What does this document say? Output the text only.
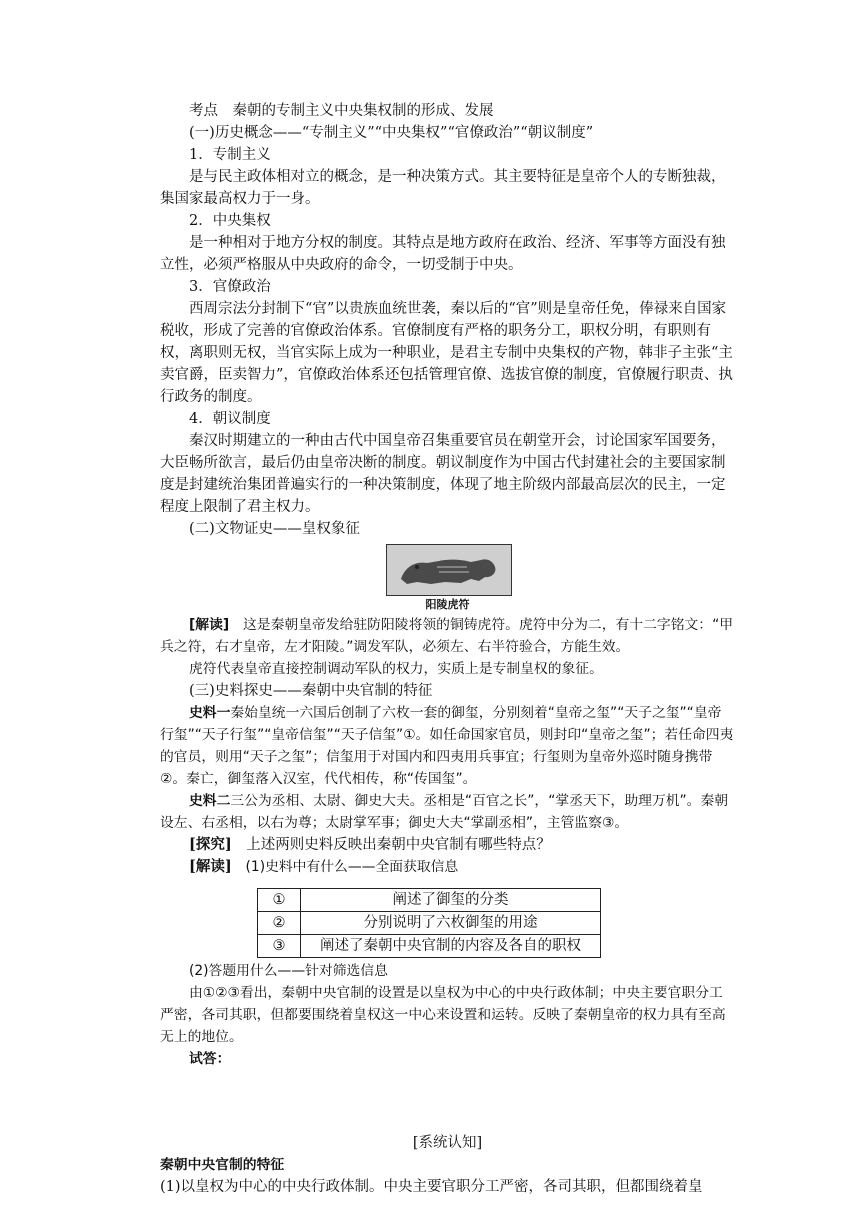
考点　秦朝的专制主义中央集权制的形成、发展

(一)历史概念——“专制主义”“中央集权”“官僚政治”“朝议制度”

1．专制主义

是与民主政体相对立的概念，是一种决策方式。其主要特征是皇帝个人的专断独裁，集国家最高权力于一身。

2．中央集权

是一种相对于地方分权的制度。其特点是地方政府在政治、经济、军事等方面没有独立性，必须严格服从中央政府的命令，一切受制于中央。

3．官僚政治

西周宗法分封制下“官”以贵族血统世袭，秦以后的“官”则是皇帝任免，俸禄来自国家税收，形成了完善的官僚政治体系。官僚制度有严格的职务分工，职权分明，有职则有权，离职则无权，当官实际上成为一种职业，是君主专制中央集权的产物，韩非子主张“主卖官爵，臣卖智力”，官僚政治体系还包括管理官僚、选拔官僚的制度，官僚履行职责、执行政务的制度。

4．朝议制度

秦汉时期建立的一种由古代中国皇帝召集重要官员在朝堂开会，讨论国家军国要务，大臣畅所欲言，最后仍由皇帝决断的制度。朝议制度作为中国古代封建社会的主要国家制度是封建统治集团普遍实行的一种决策制度，体现了地主阶级内部最高层次的民主，一定程度上限制了君主权力。

(二)文物证史——皇权象征

阳陵虎符

[解读]　这是秦朝皇帝发给驻防阳陵将领的铜铸虎符。虎符中分为二，有十二字铭文：“甲兵之符，右才皇帝，左才阳陵。”调发军队，必须左、右半符验合，方能生效。

虎符代表皇帝直接控制调动军队的权力，实质上是专制皇权的象征。

(三)史料探史——秦朝中央官制的特征

史料一秦始皇统一六国后创制了六枚一套的御玺，分别刻着“皇帝之玺”“天子之玺”“皇帝行玺”“天子行玺”“皇帝信玺”“天子信玺”①。如任命国家官员，则封印“皇帝之玺”；若任命四夷的官员，则用“天子之玺”；信玺用于对国内和四夷用兵事宜；行玺则为皇帝外巡时随身携带②。秦亡，御玺落入汉室，代代相传，称“传国玺”。

史料二三公为丞相、太尉、御史大夫。丞相是“百官之长”，“掌丞天下，助理万机”。秦朝设左、右丞相，以右为尊；太尉掌军事；御史大夫“掌副丞相”，主管监察③。

[探究]　上述两则史料反映出秦朝中央官制有哪些特点？

[解读]　(1)史料中有什么——全面获取信息

①	阐述了御玺的分类
②	分别说明了六枚御玺的用途
③	阐述了秦朝中央官制的内容及各自的职权

(2)答题用什么——针对筛选信息

由①②③看出，秦朝中央官制的设置是以皇权为中心的中央行政体制；中央主要官职分工严密，各司其职，但都要围绕着皇权这一中心来设置和运转。反映了秦朝皇帝的权力具有至高无上的地位。

试答：

[系统认知]

秦朝中央官制的特征

(1)以皇权为中心的中央行政体制。中央主要官职分工严密，各司其职，但都围绕着皇
